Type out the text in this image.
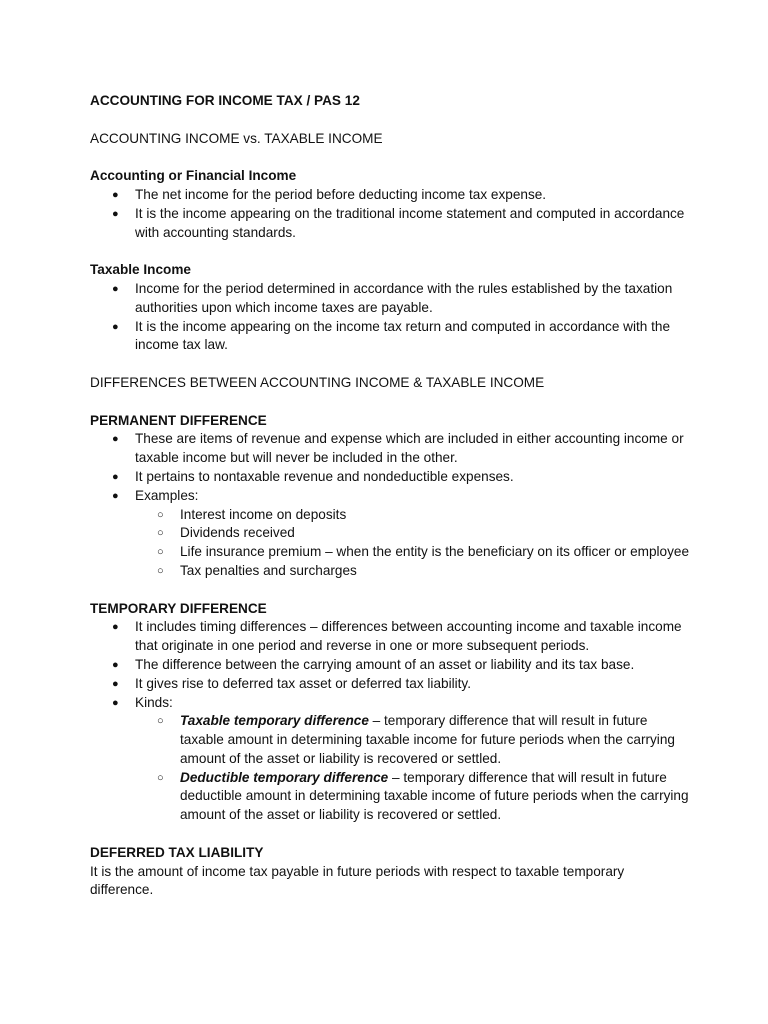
ACCOUNTING FOR INCOME TAX / PAS 12

ACCOUNTING INCOME vs. TAXABLE INCOME

Accounting or Financial Income

● The net income for the period before deducting income tax expense.
● It is the income appearing on the traditional income statement and computed in accordance with accounting standards.

Taxable Income

● Income for the period determined in accordance with the rules established by the taxation authorities upon which income taxes are payable.
● It is the income appearing on the income tax return and computed in accordance with the income tax law.

DIFFERENCES BETWEEN ACCOUNTING INCOME & TAXABLE INCOME

PERMANENT DIFFERENCE

● These are items of revenue and expense which are included in either accounting income or taxable income but will never be included in the other.
● It pertains to nontaxable revenue and nondeductible expenses.
● Examples:
○ Interest income on deposits
○ Dividends received
○ Life insurance premium – when the entity is the beneficiary on its officer or employee
○ Tax penalties and surcharges

TEMPORARY DIFFERENCE

● It includes timing differences – differences between accounting income and taxable income that originate in one period and reverse in one or more subsequent periods.
● The difference between the carrying amount of an asset or liability and its tax base.
● It gives rise to deferred tax asset or deferred tax liability.
● Kinds:
○ Taxable temporary difference – temporary difference that will result in future taxable amount in determining taxable income for future periods when the carrying amount of the asset or liability is recovered or settled.
○ Deductible temporary difference – temporary difference that will result in future deductible amount in determining taxable income of future periods when the carrying amount of the asset or liability is recovered or settled.

DEFERRED TAX LIABILITY

It is the amount of income tax payable in future periods with respect to taxable temporary difference.
